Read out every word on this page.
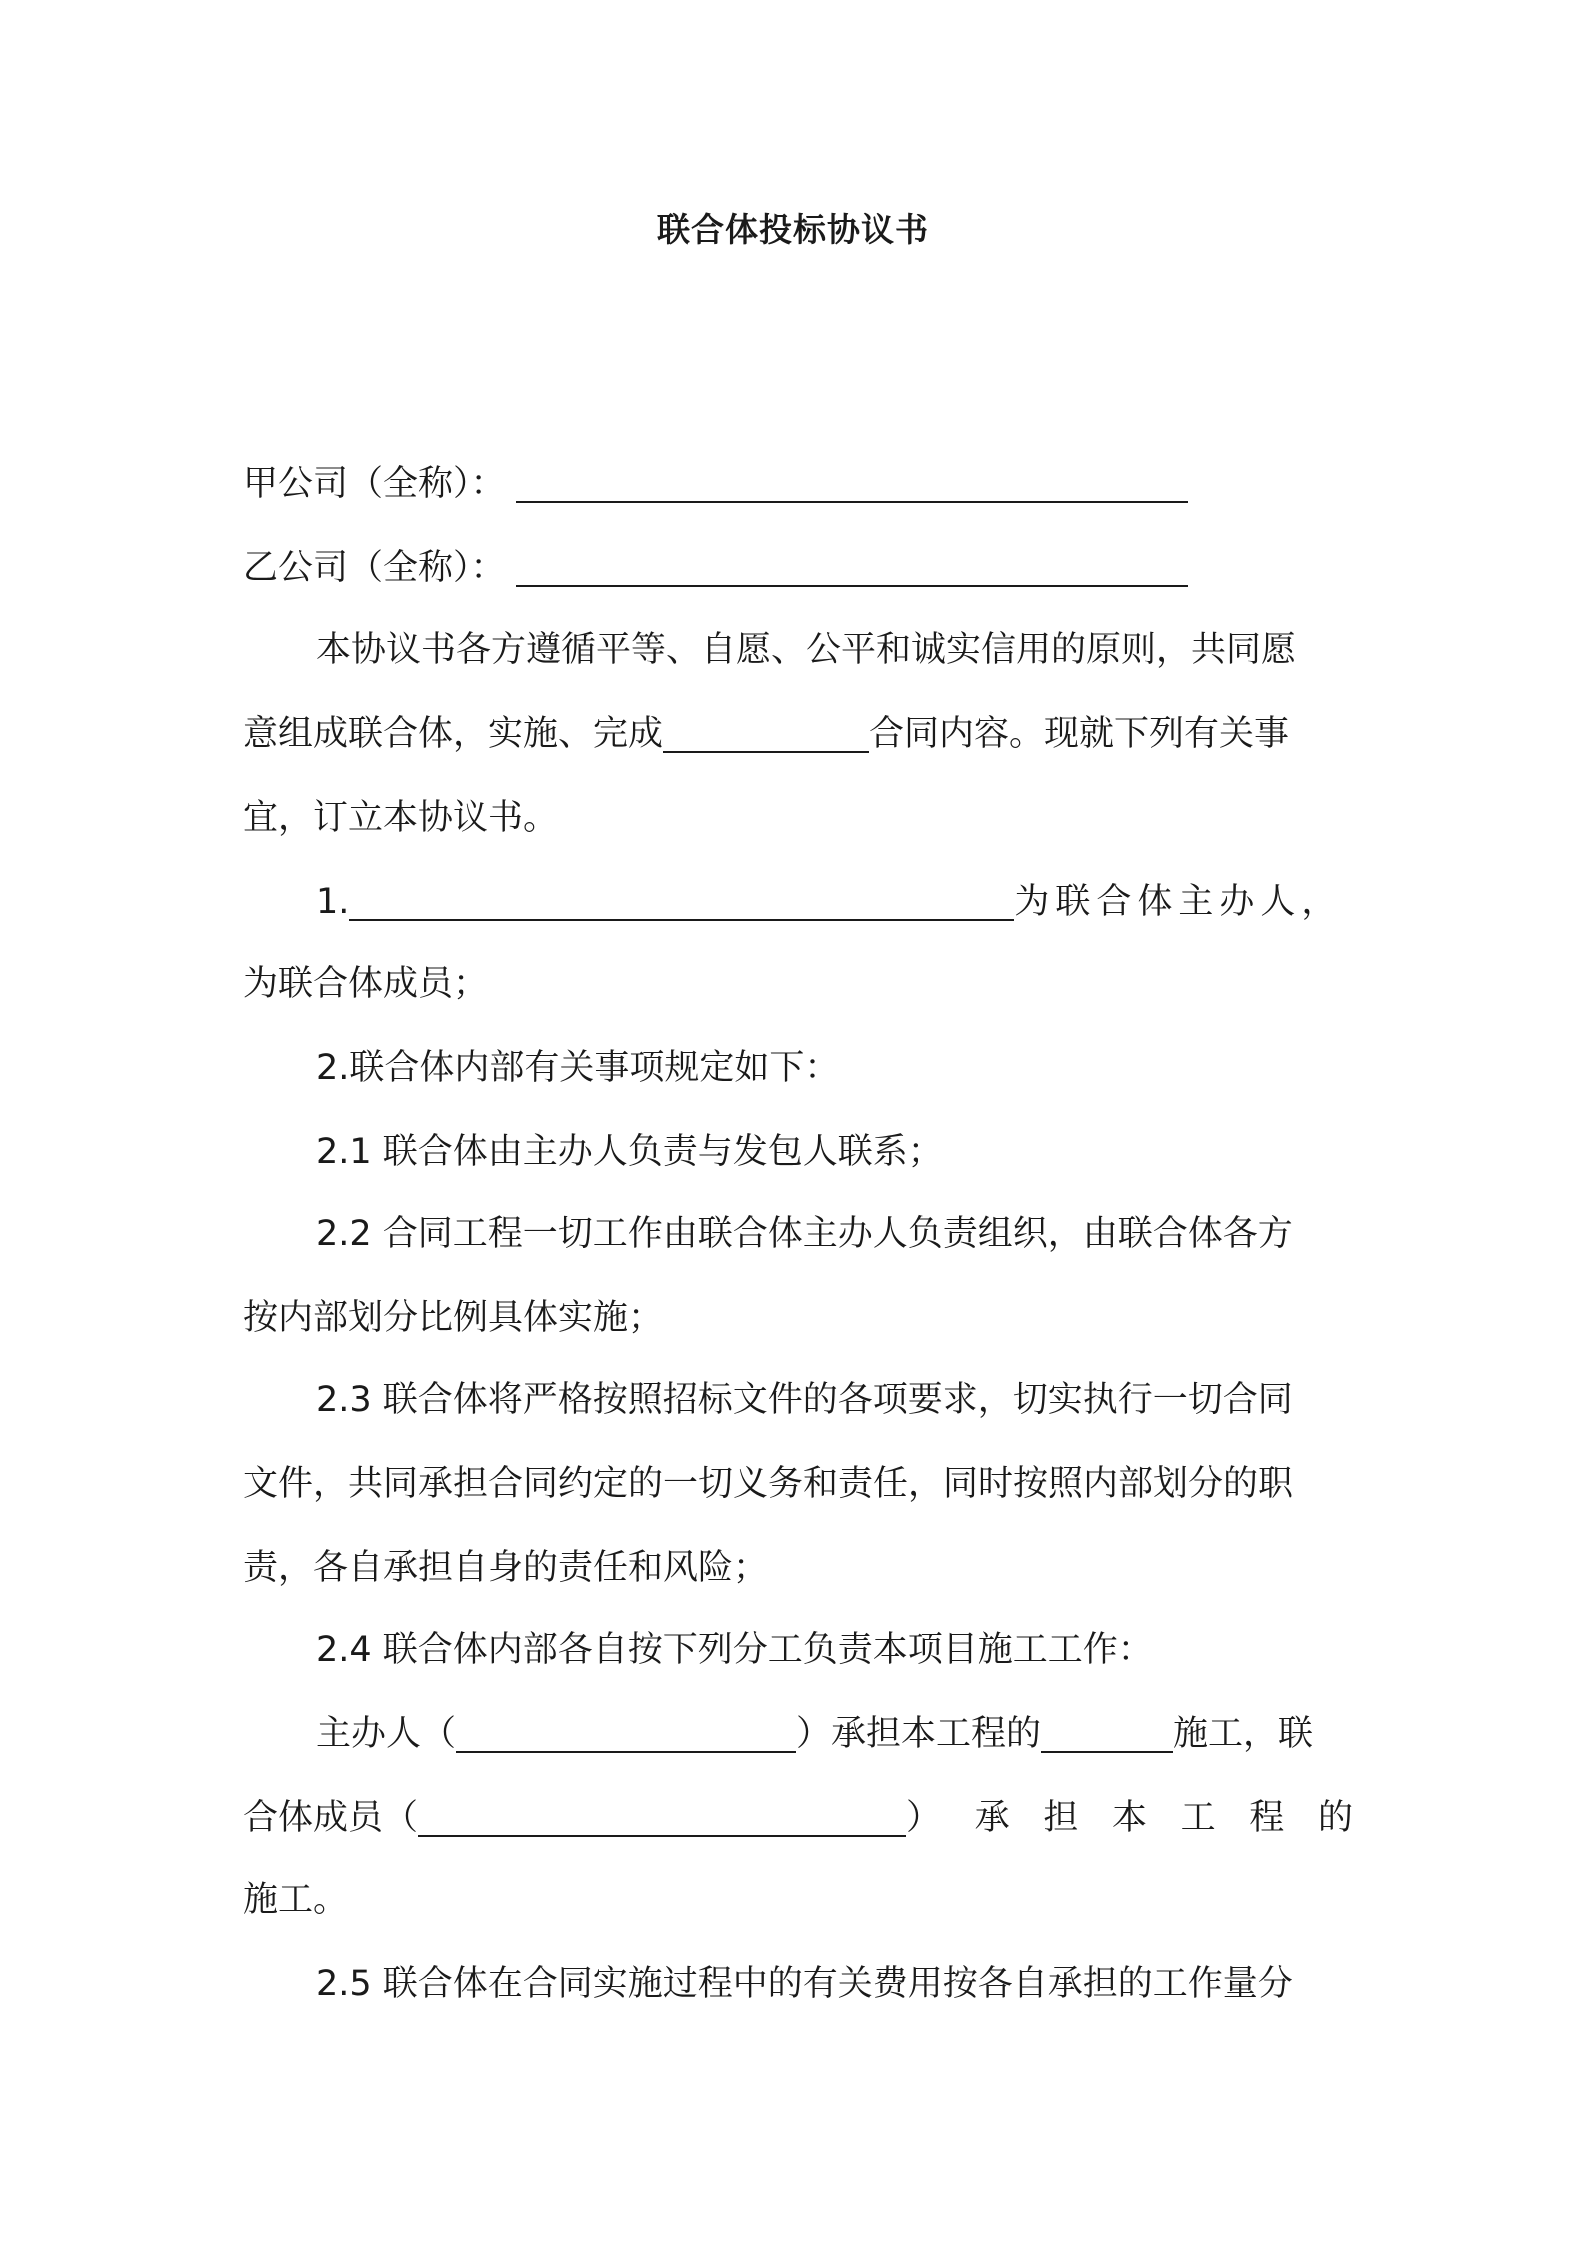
联合体投标协议书
甲公司（全称）：
乙公司（全称）：
本协议书各方遵循平等、自愿、公平和诚实信用的原则，共同愿
意组成联合体，实施、完成	合同内容。现就下列有关事
宜，订立本协议书。
1.	为联合体主办人，
为联合体成员；
2.联合体内部有关事项规定如下：
2.1 联合体由主办人负责与发包人联系；
2.2 合同工程一切工作由联合体主办人负责组织，由联合体各方
按内部划分比例具体实施；
2.3 联合体将严格按照招标文件的各项要求，切实执行一切合同
文件，共同承担合同约定的一切义务和责任，同时按照内部划分的职
责，各自承担自身的责任和风险；
2.4 联合体内部各自按下列分工负责本项目施工工作：
主办人（	）承担本工程的	施工，联
合体成员（	） 承 担 本 工 程 的
施工。
2.5 联合体在合同实施过程中的有关费用按各自承担的工作量分
